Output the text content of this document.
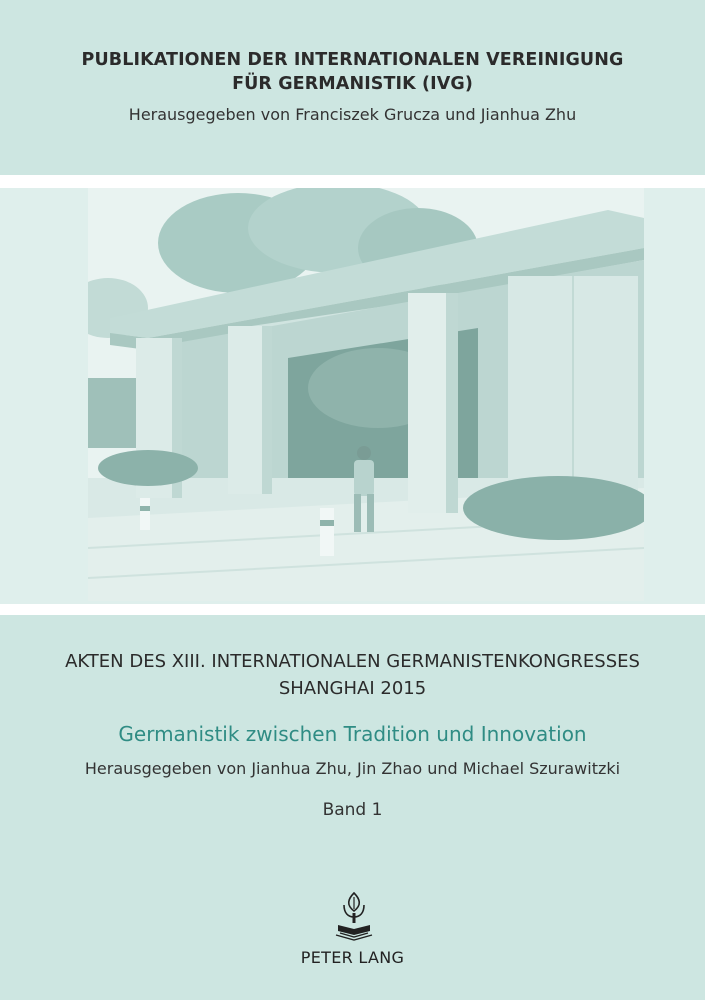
PUBLIKATIONEN DER INTERNATIONALEN VEREINIGUNG
FÜR GERMANISTIK (IVG)
Herausgegeben von Franciszek Grucza und Jianhua Zhu
AKTEN DES XIII. INTERNATIONALEN GERMANISTENKONGRESSES
SHANGHAI 2015
Germanistik zwischen Tradition und Innovation
Herausgegeben von Jianhua Zhu, Jin Zhao und Michael Szurawitzki
Band 1
PETER LANG
